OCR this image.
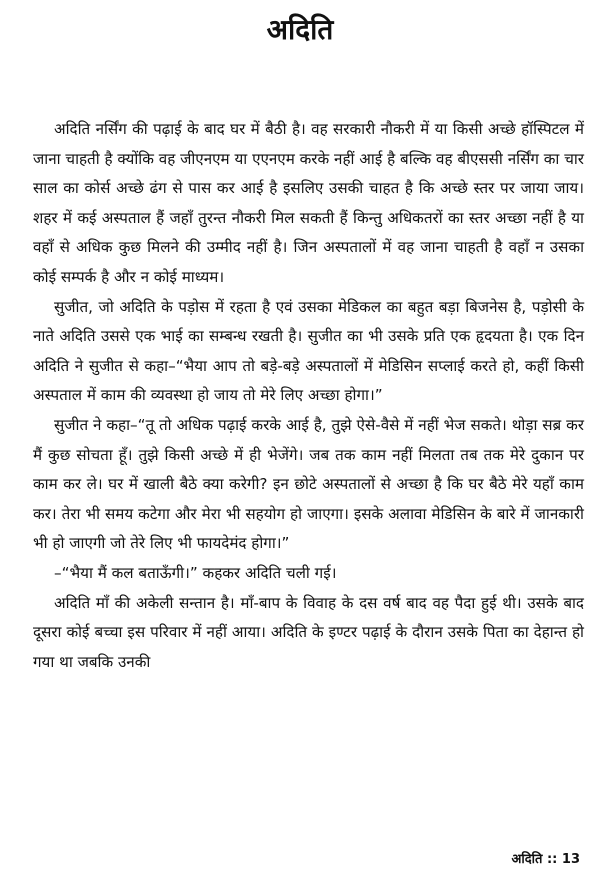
अदिति

अदिति नर्सिंग की पढ़ाई के बाद घर में बैठी है। वह सरकारी नौकरी में या किसी अच्छे हॉस्पिटल में जाना चाहती है क्योंकि वह जीएनएम या एएनएम करके नहीं आई है बल्कि वह बीएससी नर्सिंग का चार साल का कोर्स अच्छे ढंग से पास कर आई है इसलिए उसकी चाहत है कि अच्छे स्तर पर जाया जाय। शहर में कई अस्पताल हैं जहाँ तुरन्त नौकरी मिल सकती हैं किन्तु अधिकतरों का स्तर अच्छा नहीं है या वहाँ से अधिक कुछ मिलने की उम्मीद नहीं है। जिन अस्पतालों में वह जाना चाहती है वहाँ न उसका कोई सम्पर्क है और न कोई माध्यम।

सुजीत, जो अदिति के पड़ोस में रहता है एवं उसका मेडिकल का बहुत बड़ा बिजनेस है, पड़ोसी के नाते अदिति उससे एक भाई का सम्बन्ध रखती है। सुजीत का भी उसके प्रति एक हृदयता है। एक दिन अदिति ने सुजीत से कहा–“भैया आप तो बड़े-बड़े अस्पतालों में मेडिसिन सप्लाई करते हो, कहीं किसी अस्पताल में काम की व्यवस्था हो जाय तो मेरे लिए अच्छा होगा।”

सुजीत ने कहा–“तू तो अधिक पढ़ाई करके आई है, तुझे ऐसे-वैसे में नहीं भेज सकते। थोड़ा सब्र कर मैं कुछ सोचता हूँ। तुझे किसी अच्छे में ही भेजेंगे। जब तक काम नहीं मिलता तब तक मेरे दुकान पर काम कर ले। घर में खाली बैठे क्या करेगी? इन छोटे अस्पतालों से अच्छा है कि घर बैठे मेरे यहाँ काम कर। तेरा भी समय कटेगा और मेरा भी सहयोग हो जाएगा। इसके अलावा मेडिसिन के बारे में जानकारी भी हो जाएगी जो तेरे लिए भी फायदेमंद होगा।”

–“भैया मैं कल बताऊँगी।” कहकर अदिति चली गई।

अदिति माँ की अकेली सन्तान है। माँ-बाप के विवाह के दस वर्ष बाद वह पैदा हुई थी। उसके बाद दूसरा कोई बच्चा इस परिवार में नहीं आया। अदिति के इण्टर पढ़ाई के दौरान उसके पिता का देहान्त हो गया था जबकि उनकी

अदिति :: 13
